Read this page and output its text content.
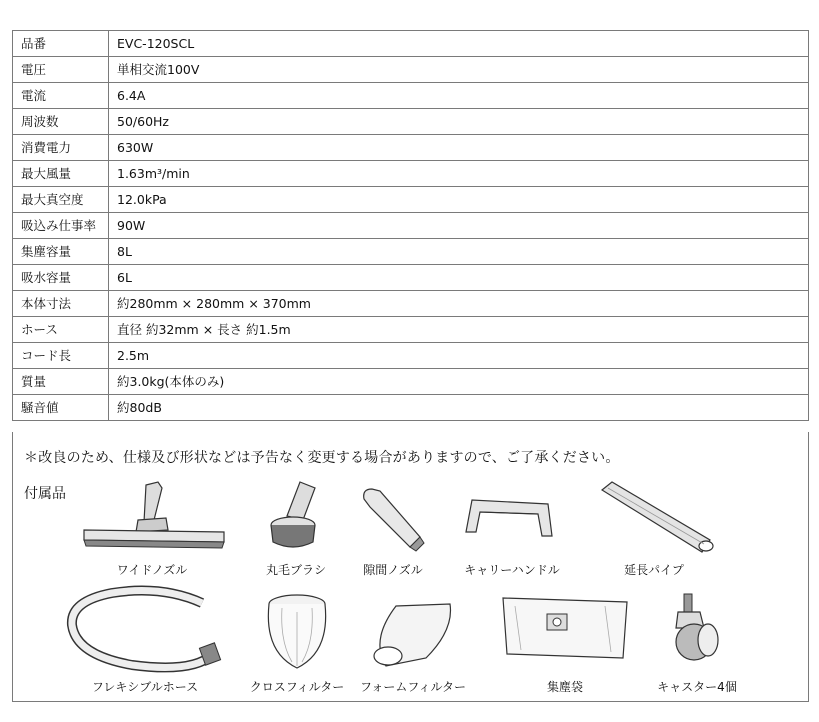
品番	EVC-120SCL
電圧	単相交流100V
電流	6.4A
周波数	50/60Hz
消費電力	630W
最大風量	1.63m³/min
最大真空度	12.0kPa
吸込み仕事率	90W
集塵容量	8L
吸水容量	6L
本体寸法	約280mm × 280mm × 370mm
ホース	直径 約32mm × 長さ 約1.5m
コード長	2.5m
質量	約3.0kg(本体のみ)
騒音値	約80dB
＊改良のため、仕様及び形状などは予告なく変更する場合がありますので、ご了承ください。
付属品
ワイドノズル	丸毛ブラシ	隙間ノズル	キャリーハンドル	延長パイプ
フレキシブルホース	クロスフィルター フォームフィルター	集塵袋	キャスター4個
